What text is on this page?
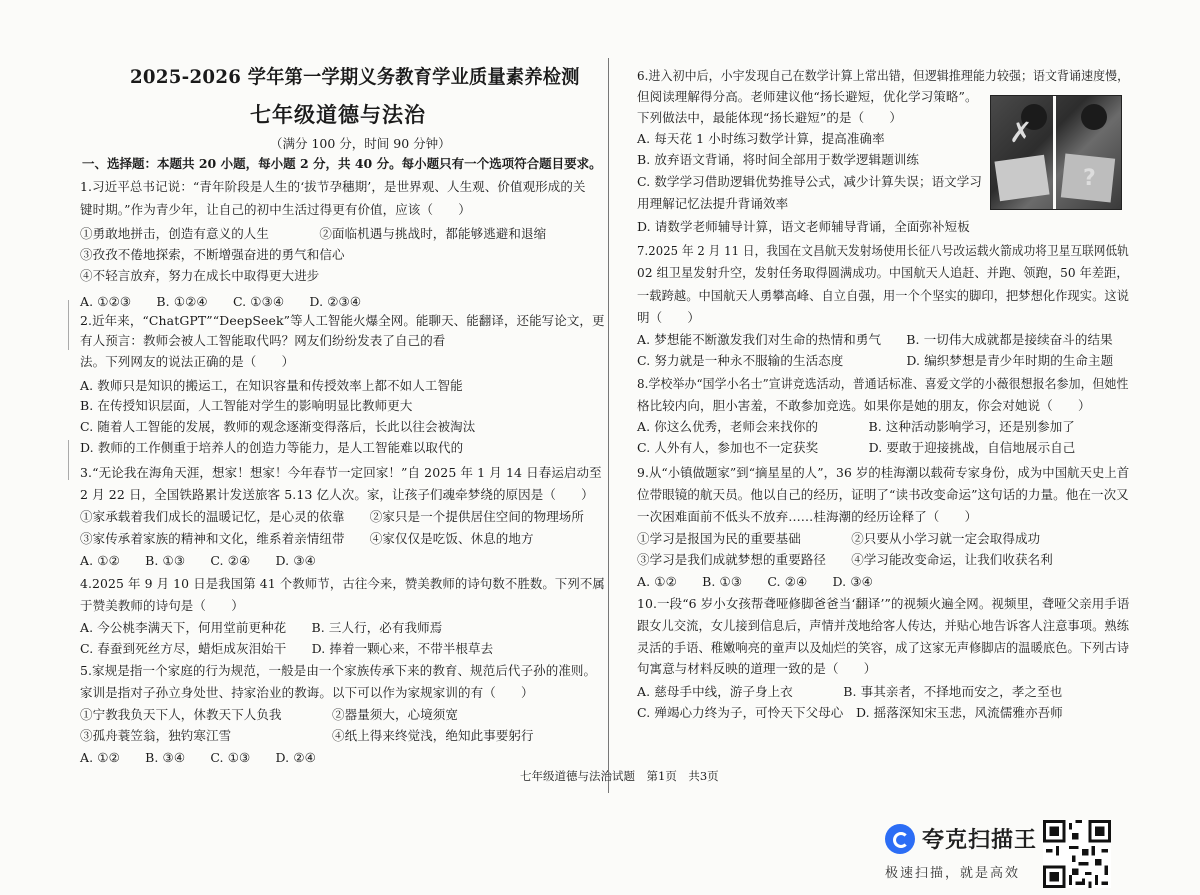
2025-2026 学年第一学期义务教育学业质量素养检测
七年级道德与法治
（满分 100 分，时间 90 分钟）
一、选择题：本题共 20 小题，每小题 2 分，共 40 分。每小题只有一个选项符合题目要求。
1.习近平总书记说：“青年阶段是人生的‘拔节孕穗期’，是世界观、人生观、价值观形成的关
键时期。”作为青少年，让自己的初中生活过得更有价值，应该（　　）
①勇敢地拼击，创造有意义的人生　　　　②面临机遇与挑战时，都能够逃避和退缩
③孜孜不倦地探索，不断增强奋进的勇气和信心
④不轻言放弃，努力在成长中取得更大进步
A. ①②③　　B. ①②④　　C. ①③④　　D. ②③④
2.近年来，“ChatGPT”“DeepSeek”等人工智能火爆全网。能聊天、能翻译，还能写论文，更
有人预言：教师会被人工智能取代吗？网友们纷纷发表了自己的看
法。下列网友的说法正确的是（　　）
A. 教师只是知识的搬运工，在知识容量和传授效率上都不如人工智能
B. 在传授知识层面，人工智能对学生的影响明显比教师更大
C. 随着人工智能的发展，教师的观念逐渐变得落后，长此以往会被淘汰
D. 教师的工作侧重于培养人的创造力等能力，是人工智能难以取代的
3.“无论我在海角天涯，想家！想家！今年春节一定回家！”自 2025 年 1 月 14 日春运启动至
2 月 22 日，全国铁路累计发送旅客 5.13 亿人次。家，让孩子们魂牵梦绕的原因是（　　）
①家承载着我们成长的温暖记忆，是心灵的依靠　　②家只是一个提供居住空间的物理场所
③家传承着家族的精神和文化，维系着亲情纽带　　④家仅仅是吃饭、休息的地方
A. ①②　　B. ①③　　C. ②④　　D. ③④
4.2025 年 9 月 10 日是我国第 41 个教师节，古往今来，赞美教师的诗句数不胜数。下列不属
于赞美教师的诗句是（　　）
A. 今公桃李满天下，何用堂前更种花　　B. 三人行，必有我师焉
C. 春蚕到死丝方尽，蜡炬成灰泪始干　　D. 捧着一颗心来，不带半根草去
5.家规是指一个家庭的行为规范，一般是由一个家族传承下来的教育、规范后代子孙的准则。
家训是指对子孙立身处世、持家治业的教诲。以下可以作为家规家训的有（　　）
①宁教我负天下人，休教天下人负我　　　　②器量须大，心境须宽
③孤舟蓑笠翁，独钓寒江雪　　　　　　　　④纸上得来终觉浅，绝知此事要躬行
A. ①②　　B. ③④　　C. ①③　　D. ②④
6.进入初中后，小宇发现自己在数学计算上常出错，但逻辑推理能力较强；语文背诵速度慢，
但阅读理解得分高。老师建议他“扬长避短，优化学习策略”。
下列做法中，最能体现“扬长避短”的是（　　）
A. 每天花 1 小时练习数学计算，提高准确率
B. 放弃语文背诵，将时间全部用于数学逻辑题训练
C. 数学学习借助逻辑优势推导公式，减少计算失误；语文学习
用理解记忆法提升背诵效率
D. 请数学老师辅导计算，语文老师辅导背诵，全面弥补短板
7.2025 年 2 月 11 日，我国在文昌航天发射场使用长征八号改运载火箭成功将卫星互联网低轨
02 组卫星发射升空，发射任务取得圆满成功。中国航天人追赶、并跑、领跑，50 年差距，
一载跨越。中国航天人勇攀高峰、自立自强，用一个个坚实的脚印，把梦想化作现实。这说
明（　　）
A. 梦想能不断激发我们对生命的热情和勇气　　B. 一切伟大成就都是接续奋斗的结果
C. 努力就是一种永不服输的生活态度　　　　　D. 编织梦想是青少年时期的生命主题
8.学校举办“国学小名士”宣讲竞选活动，普通话标准、喜爱文学的小薇很想报名参加，但她性
格比较内向，胆小害羞，不敢参加竞选。如果你是她的朋友，你会对她说（　　）
A. 你这么优秀，老师会来找你的　　　　B. 这种活动影响学习，还是别参加了
C. 人外有人，参加也不一定获奖　　　　D. 要敢于迎接挑战，自信地展示自己
9.从“小镇做题家”到“摘星星的人”，36 岁的桂海潮以载荷专家身份，成为中国航天史上首
位带眼镜的航天员。他以自己的经历，证明了“读书改变命运”这句话的力量。他在一次又
一次困难面前不低头不放弃……桂海潮的经历诠释了（　　）
①学习是报国为民的重要基础　　　　②只要从小学习就一定会取得成功
③学习是我们成就梦想的重要路径　　④学习能改变命运，让我们收获名利
A. ①②　　B. ①③　　C. ②④　　D. ③④
10.一段“6 岁小女孩帮聋哑修脚爸爸当‘翻译’”的视频火遍全网。视频里，聋哑父亲用手语
跟女儿交流，女儿接到信息后，声情并茂地给客人传达，并贴心地告诉客人注意事项。熟练
灵活的手语、稚嫩响亮的童声以及灿烂的笑容，成了这家无声修脚店的温暖底色。下列古诗
句寓意与材料反映的道理一致的是（　　）
A. 慈母手中线，游子身上衣　　　　B. 事其亲者，不择地而安之，孝之至也
C. 殚竭心力终为子，可怜天下父母心　D. 摇落深知宋玉悲，风流儒雅亦吾师
✗
?
七年级道德与法治试题　第1页　共3页
夸克扫描王
极速扫描，就是高效
